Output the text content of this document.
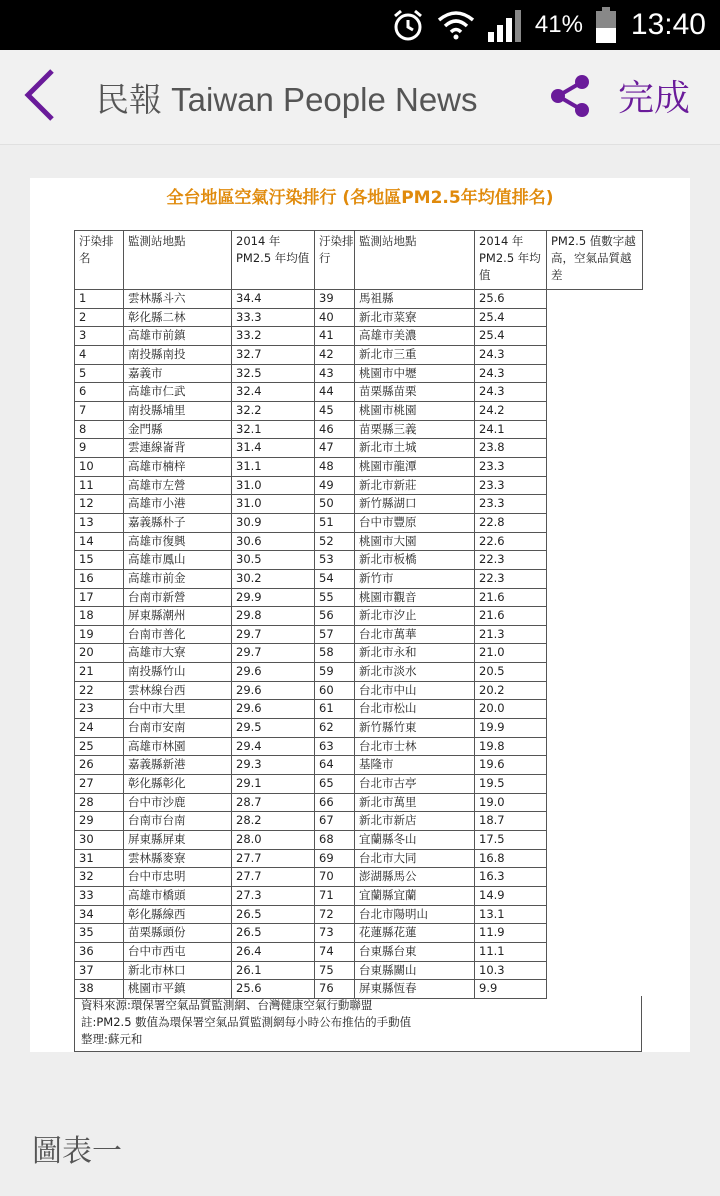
41% 13:40
民報 Taiwan People News	完成
全台地區空氣汙染排行 (各地區PM2.5年均值排名)
汙染排名	監測站地點	2014 年 PM2.5 年均值	汙染排行	監測站地點	2014 年 PM2.5 年均值	PM2.5 值數字越高，空氣品質越差
1	雲林縣斗六	34.4	39	馬祖縣	25.6	
2	彰化縣二林	33.3	40	新北市菜寮	25.4	
3	高雄市前鎮	33.2	41	高雄市美濃	25.4	
4	南投縣南投	32.7	42	新北市三重	24.3	
5	嘉義市	32.5	43	桃園市中壢	24.3	
6	高雄市仁武	32.4	44	苗栗縣苗栗	24.3	
7	南投縣埔里	32.2	45	桃園市桃園	24.2	
8	金門縣	32.1	46	苗栗縣三義	24.1	
9	雲連線崙背	31.4	47	新北市土城	23.8	
10	高雄市楠梓	31.1	48	桃園市龍潭	23.3	
11	高雄市左營	31.0	49	新北市新莊	23.3	
12	高雄市小港	31.0	50	新竹縣湖口	23.3	
13	嘉義縣朴子	30.9	51	台中市豐原	22.8	
14	高雄市復興	30.6	52	桃園市大園	22.6	
15	高雄市鳳山	30.5	53	新北市板橋	22.3	
16	高雄市前金	30.2	54	新竹市	22.3	
17	台南市新營	29.9	55	桃園市觀音	21.6	
18	屏東縣潮州	29.8	56	新北市汐止	21.6	
19	台南市善化	29.7	57	台北市萬華	21.3	
20	高雄市大寮	29.7	58	新北市永和	21.0	
21	南投縣竹山	29.6	59	新北市淡水	20.5	
22	雲林線台西	29.6	60	台北市中山	20.2	
23	台中市大里	29.6	61	台北市松山	20.0	
24	台南市安南	29.5	62	新竹縣竹東	19.9	
25	高雄市林園	29.4	63	台北市士林	19.8	
26	嘉義縣新港	29.3	64	基隆市	19.6	
27	彰化縣彰化	29.1	65	台北市古亭	19.5	
28	台中市沙鹿	28.7	66	新北市萬里	19.0	
29	台南市台南	28.2	67	新北市新店	18.7	
30	屏東縣屏東	28.0	68	宜蘭縣冬山	17.5	
31	雲林縣麥寮	27.7	69	台北市大同	16.8	
32	台中市忠明	27.7	70	澎湖縣馬公	16.3	
33	高雄市橋頭	27.3	71	宜蘭縣宜蘭	14.9	
34	彰化縣線西	26.5	72	台北市陽明山	13.1	
35	苗栗縣頭份	26.5	73	花蓮縣花蓮	11.9	
36	台中市西屯	26.4	74	台東縣台東	11.1	
37	新北市林口	26.1	75	台東縣關山	10.3	
38	桃園市平鎮	25.6	76	屏東縣恆春	9.9	
資料來源:環保署空氣品質監測網、台灣健康空氣行動聯盟
註:PM2.5 數值為環保署空氣品質監測網每小時公布推估的手動值
整理:蘇元和
圖表一
